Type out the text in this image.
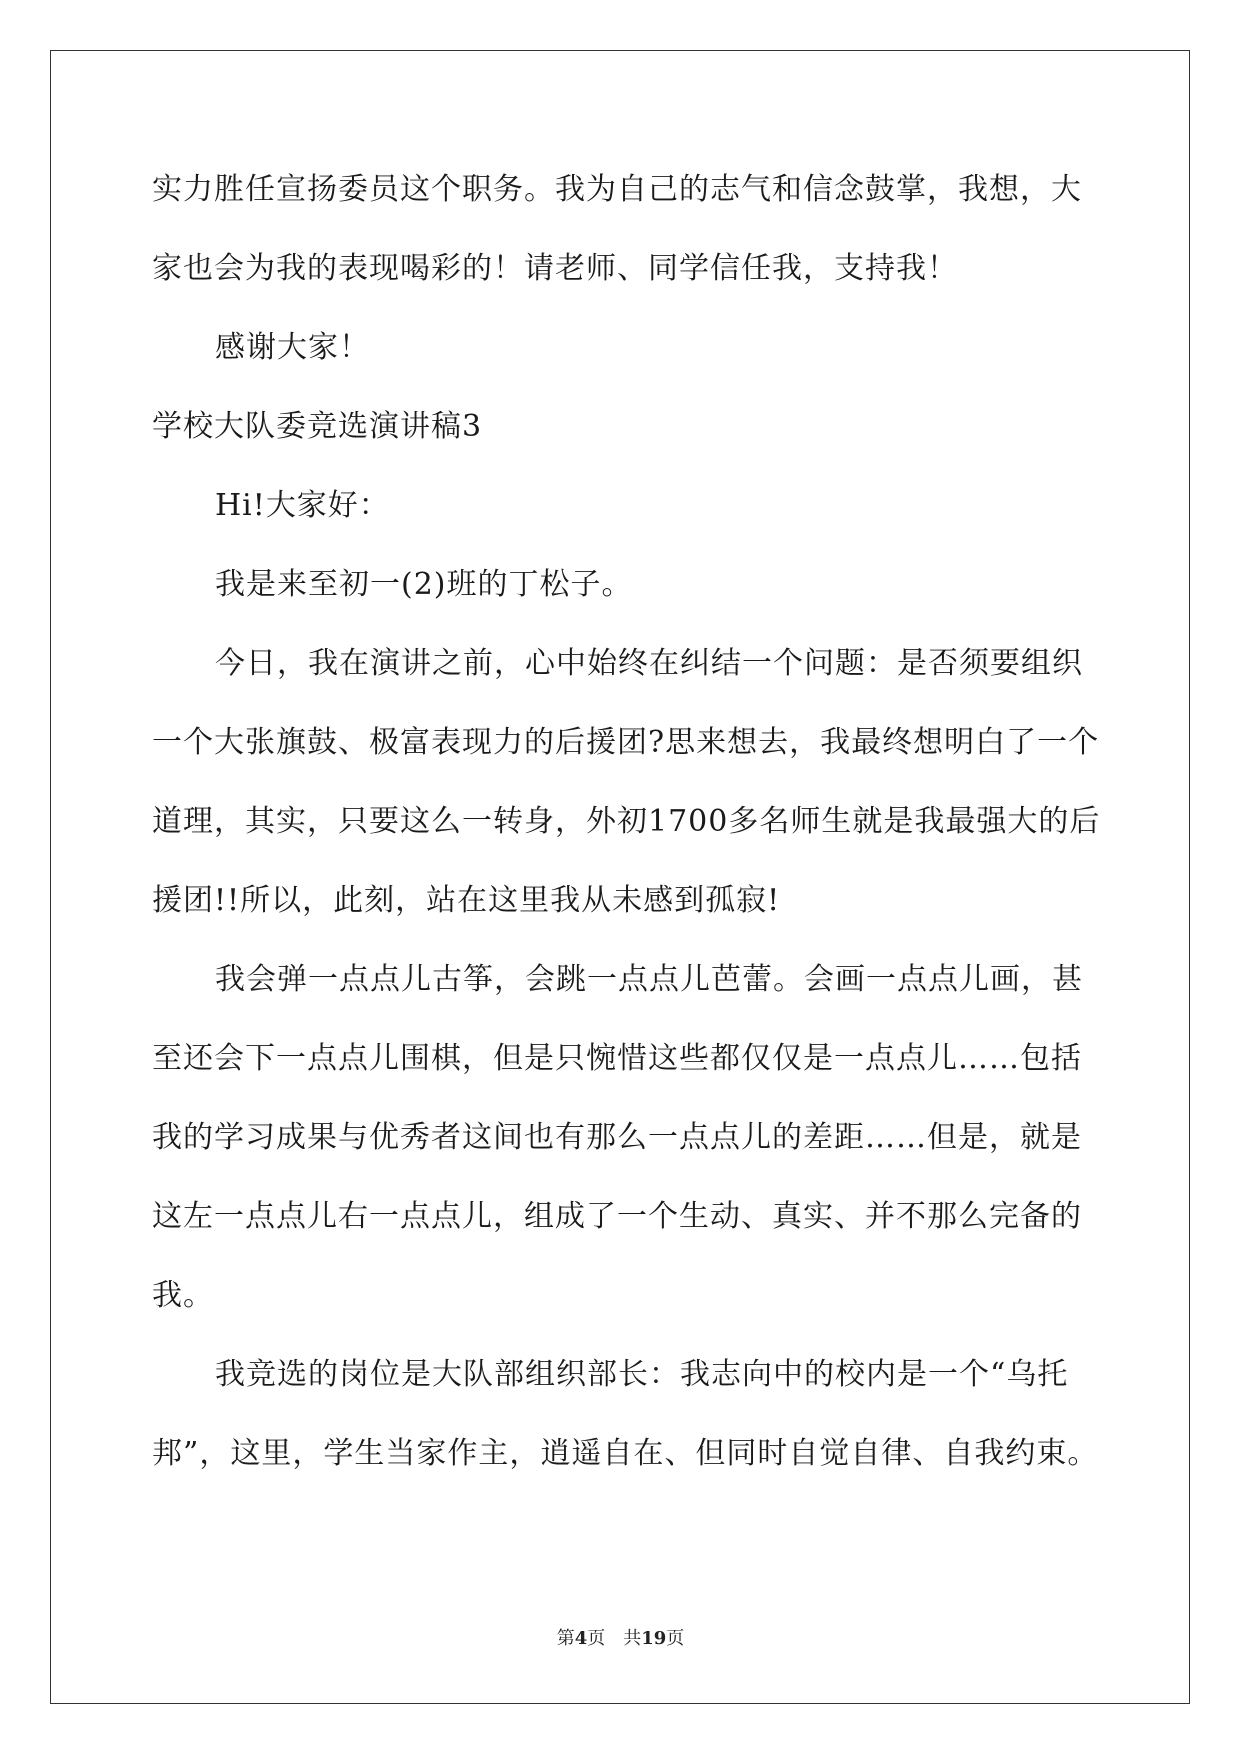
实力胜任宣扬委员这个职务。我为自己的志气和信念鼓掌，我想，大
家也会为我的表现喝彩的！请老师、同学信任我，支持我！
感谢大家！
学校大队委竞选演讲稿3
Hi!大家好：
我是来至初一(2)班的丁松子。
今日，我在演讲之前，心中始终在纠结一个问题：是否须要组织
一个大张旗鼓、极富表现力的后援团?思来想去，我最终想明白了一个
道理，其实，只要这么一转身，外初1700多名师生就是我最强大的后
援团!!所以，此刻，站在这里我从未感到孤寂!
我会弹一点点儿古筝，会跳一点点儿芭蕾。会画一点点儿画，甚
至还会下一点点儿围棋，但是只惋惜这些都仅仅是一点点儿……包括
我的学习成果与优秀者这间也有那么一点点儿的差距……但是，就是
这左一点点儿右一点点儿，组成了一个生动、真实、并不那么完备的
我。
我竞选的岗位是大队部组织部长：我志向中的校内是一个“乌托
邦”，这里，学生当家作主，逍遥自在、但同时自觉自律、自我约束。
第4页 共19页
